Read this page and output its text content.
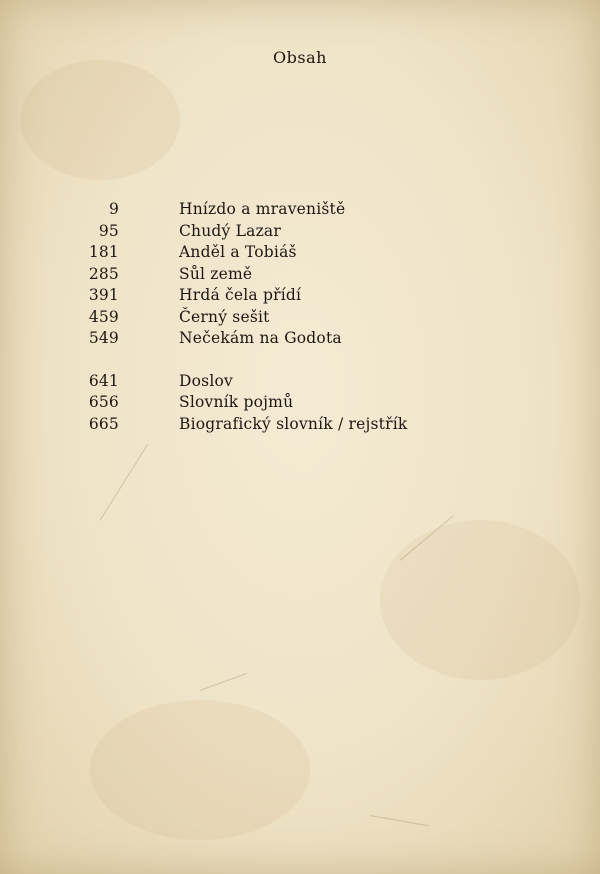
Obsah
9	Hnízdo a mraveniště
95	Chudý Lazar
181	Anděl a Tobiáš
285	Sůl země
391	Hrdá čela přídí
459	Černý sešit
549	Nečekám na Godota
641	Doslov
656	Slovník pojmů
665	Biografický slovník / rejstřík
